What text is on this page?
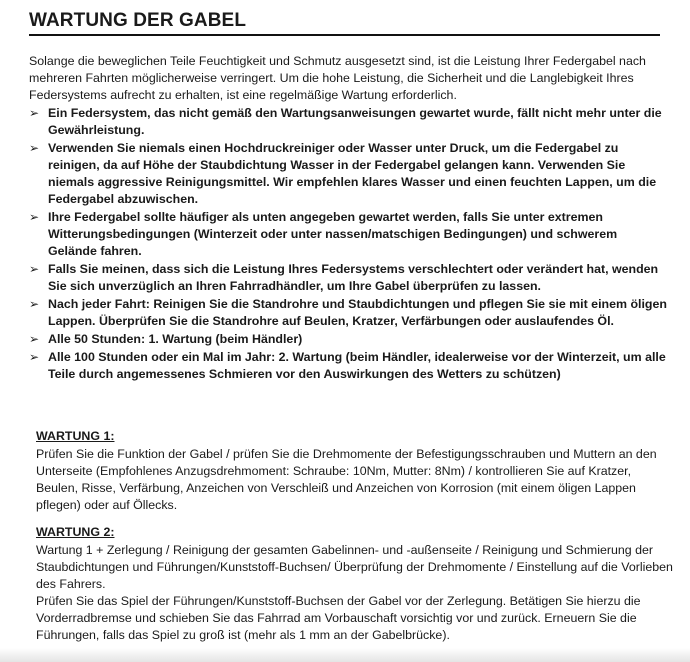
WARTUNG DER GABEL

Solange die beweglichen Teile Feuchtigkeit und Schmutz ausgesetzt sind, ist die Leistung Ihrer Federgabel nach mehreren Fahrten möglicherweise verringert. Um die hohe Leistung, die Sicherheit und die Langlebigkeit Ihres Federsystems aufrecht zu erhalten, ist eine regelmäßige Wartung erforderlich.

➢ Ein Federsystem, das nicht gemäß den Wartungsanweisungen gewartet wurde, fällt nicht mehr unter die Gewährleistung.
➢ Verwenden Sie niemals einen Hochdruckreiniger oder Wasser unter Druck, um die Federgabel zu reinigen, da auf Höhe der Staubdichtung Wasser in der Federgabel gelangen kann. Verwenden Sie niemals aggressive Reinigungsmittel. Wir empfehlen klares Wasser und einen feuchten Lappen, um die Federgabel abzuwischen.
➢ Ihre Federgabel sollte häufiger als unten angegeben gewartet werden, falls Sie unter extremen Witterungsbedingungen (Winterzeit oder unter nassen/matschigen Bedingungen) und schwerem Gelände fahren.
➢ Falls Sie meinen, dass sich die Leistung Ihres Federsystems verschlechtert oder verändert hat, wenden Sie sich unverzüglich an Ihren Fahrradhändler, um Ihre Gabel überprüfen zu lassen.
➢ Nach jeder Fahrt: Reinigen Sie die Standrohre und Staubdichtungen und pflegen Sie sie mit einem öligen Lappen. Überprüfen Sie die Standrohre auf Beulen, Kratzer, Verfärbungen oder auslaufendes Öl.
➢ Alle 50 Stunden: 1. Wartung (beim Händler)
➢ Alle 100 Stunden oder ein Mal im Jahr: 2. Wartung (beim Händler, idealerweise vor der Winterzeit, um alle Teile durch angemessenes Schmieren vor den Auswirkungen des Wetters zu schützen)
WARTUNG 1:

Prüfen Sie die Funktion der Gabel / prüfen Sie die Drehmomente der Befestigungsschrauben und Muttern an den Unterseite (Empfohlenes Anzugsdrehmoment: Schraube: 10Nm, Mutter: 8Nm) / kontrollieren Sie auf Kratzer, Beulen, Risse, Verfärbung, Anzeichen von Verschleiß und Anzeichen von Korrosion (mit einem öligen Lappen pflegen) oder auf Öllecks.

WARTUNG 2:

Wartung 1 + Zerlegung / Reinigung der gesamten Gabelinnen- und -außenseite / Reinigung und Schmierung der Staubdichtungen und Führungen/Kunststoff-Buchsen/ Überprüfung der Drehmomente / Einstellung auf die Vorlieben des Fahrers.

Prüfen Sie das Spiel der Führungen/Kunststoff-Buchsen der Gabel vor der Zerlegung. Betätigen Sie hierzu die Vorderradbremse und schieben Sie das Fahrrad am Vorbauschaft vorsichtig vor und zurück. Erneuern Sie die Führungen, falls das Spiel zu groß ist (mehr als 1 mm an der Gabelbrücke).
